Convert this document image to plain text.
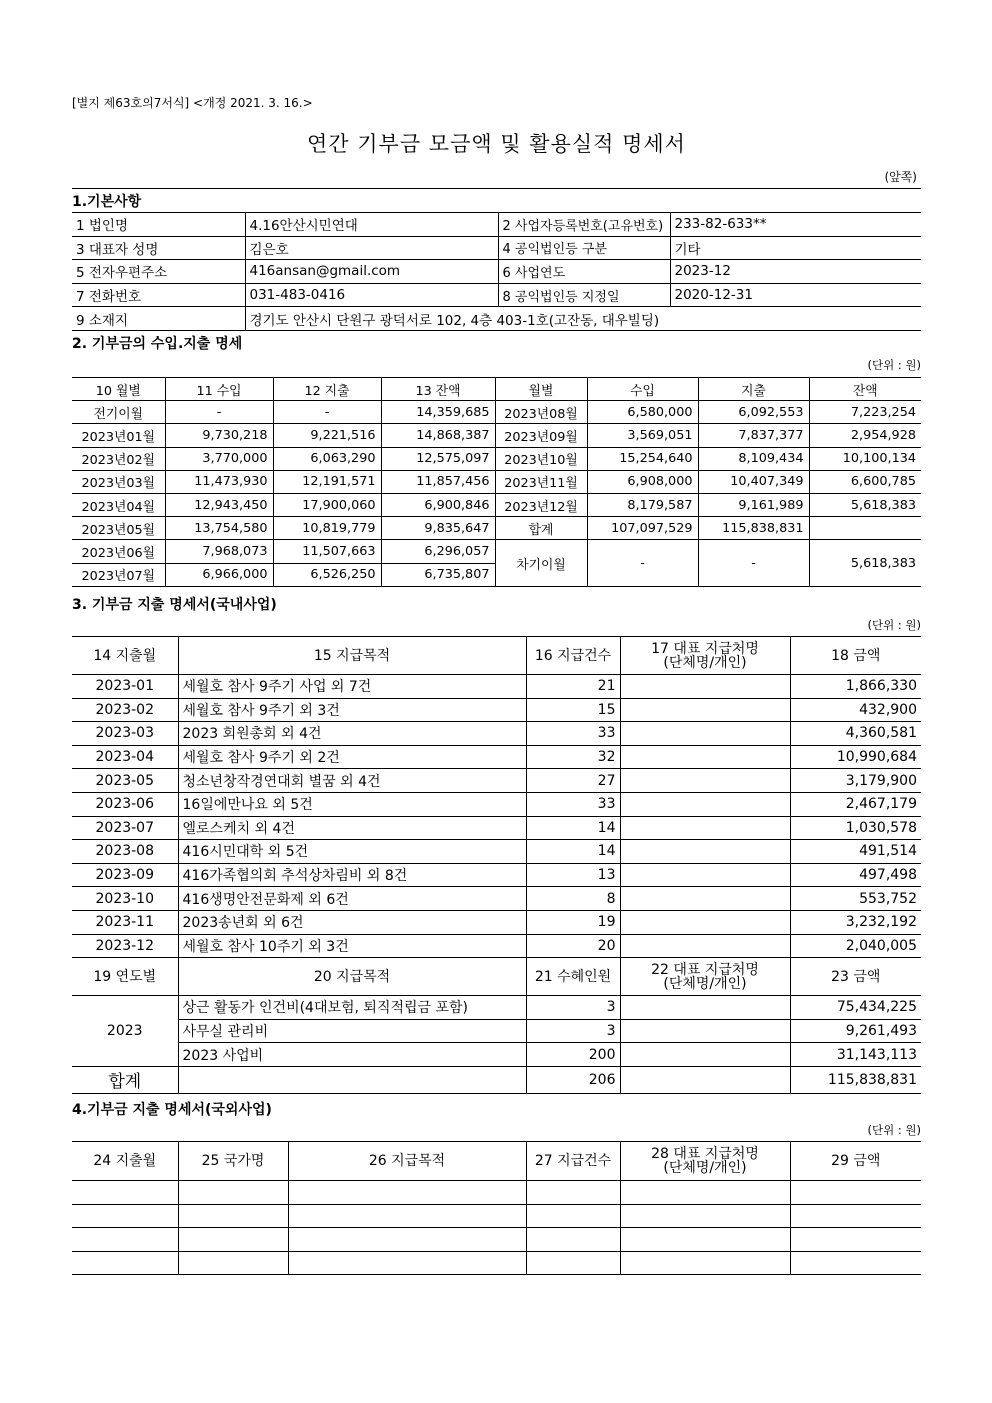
[별지 제63호의7서식] <개정 2021. 3. 16.>
연간 기부금 모금액 및 활용실적 명세서
(앞쪽)
1.기본사항
1 법인명	4.16안산시민연대	2 사업자등록번호(고유번호)	233-82-633**
3 대표자 성명	김은호	4 공익법인등 구분	기타
5 전자우편주소	416ansan@gmail.com	6 사업연도	2023-12
7 전화번호	031-483-0416	8 공익법인등 지정일	2020-12-31
9 소재지	경기도 안산시 단원구 광덕서로 102, 4층 403-1호(고잔동, 대우빌딩)		
2. 기부금의 수입.지출 명세
(단위 : 원)
10 월별	11 수입	12 지출	13 잔액	월별	수입	지출	잔액
전기이월	-	-	14,359,685	2023년08월	6,580,000	6,092,553	7,223,254
2023년01월	9,730,218	9,221,516	14,868,387	2023년09월	3,569,051	7,837,377	2,954,928
2023년02월	3,770,000	6,063,290	12,575,097	2023년10월	15,254,640	8,109,434	10,100,134
2023년03월	11,473,930	12,191,571	11,857,456	2023년11월	6,908,000	10,407,349	6,600,785
2023년04월	12,943,450	17,900,060	6,900,846	2023년12월	8,179,587	9,161,989	5,618,383
2023년05월	13,754,580	10,819,779	9,835,647	합계	107,097,529	115,838,831	
2023년06월	7,968,073	11,507,663	6,296,057	차기이월	-	-	5,618,383
2023년07월	6,966,000	6,526,250	6,735,807				
3. 기부금 지출 명세서(국내사업)
(단위 : 원)
14 지출월	15 지급목적	16 지급건수	17 대표 지급처명
(단체명/개인)	18 금액
2023-01	세월호 참사 9주기 사업 외 7건	21		1,866,330
2023-02	세월호 참사 9주기 외 3건	15		432,900
2023-03	2023 회원총회 외 4건	33		4,360,581
2023-04	세월호 참사 9주기 외 2건	32		10,990,684
2023-05	청소년창작경연대회 별꿈 외 4건	27		3,179,900
2023-06	16일에만나요 외 5건	33		2,467,179
2023-07	엘로스케치 외 4건	14		1,030,578
2023-08	416시민대학 외 5건	14		491,514
2023-09	416가족협의회 추석상차림비 외 8건	13		497,498
2023-10	416생명안전문화제 외 6건	8		553,752
2023-11	2023송년회 외 6건	19		3,232,192
2023-12	세월호 참사 10주기 외 3건	20		2,040,005
19 연도별	20 지급목적	21 수혜인원	22 대표 지급처명
(단체명/개인)	23 금액
2023	상근 활동가 인건비(4대보험, 퇴직적립금 포함)	3		75,434,225
	사무실 관리비	3		9,261,493
	2023 사업비	200		31,143,113
합계		206		115,838,831
4.기부금 지출 명세서(국외사업)
(단위 : 원)
24 지출월	25 국가명	26 지급목적	27 지급건수	28 대표 지급처명
(단체명/개인)	29 금액
